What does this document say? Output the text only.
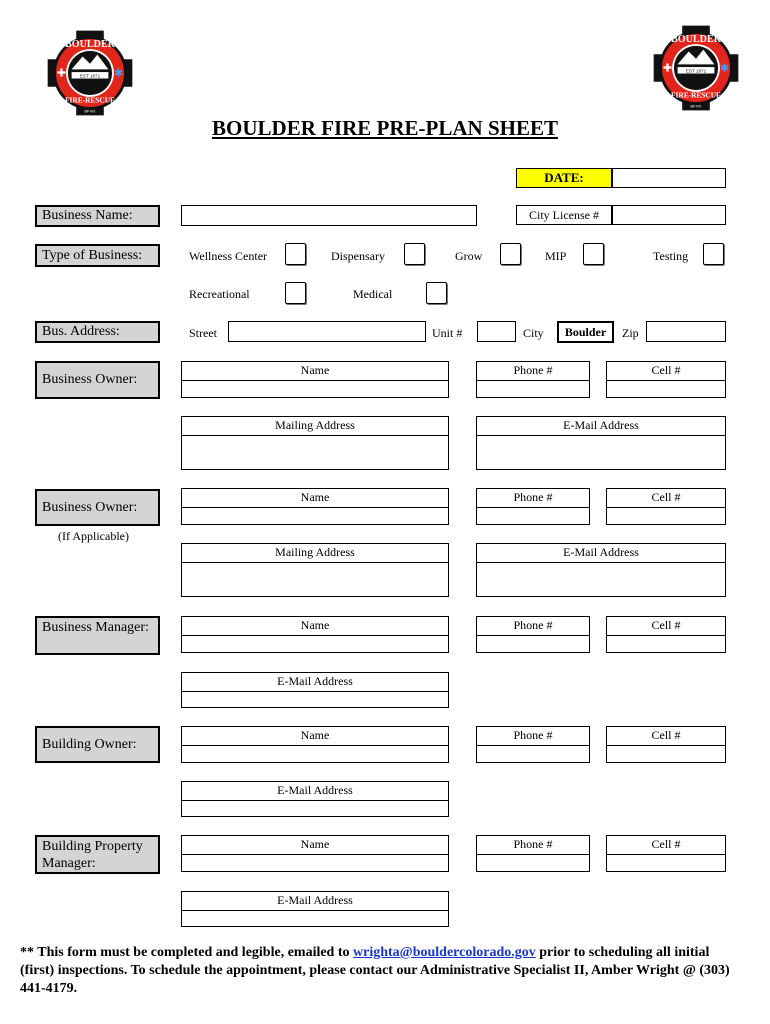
BOULDER
EST 1871
FIRE-RESCUE
BF-RX
✚	✱
BOULDER
EST 1871
FIRE-RESCUE
BF-RX
✚	✱
BOULDER FIRE PRE-PLAN SHEET
DATE:
Business Name:	City License #
Type of Business:	Wellness Center	Dispensary	Grow	MIP	Testing
Recreational	Medical
Bus. Address:	Street	Unit #	City	Boulder	Zip
Business Owner:
Name	Phone #	Cell #
Mailing Address	E-Mail Address
Business Owner:
(If Applicable)
Name	Phone #	Cell #
Mailing Address	E-Mail Address
Business Manager:	Name	Phone #	Cell #
E-Mail Address
Building Owner:
Name	Phone #	Cell #
E-Mail Address
Building Property Manager:
Name	Phone #	Cell #
E-Mail Address
** This form must be completed and legible, emailed to wrighta@bouldercolorado.gov prior to scheduling all initial (first) inspections. To schedule the appointment, please contact our Administrative Specialist II, Amber Wright @ (303) 441-4179.
